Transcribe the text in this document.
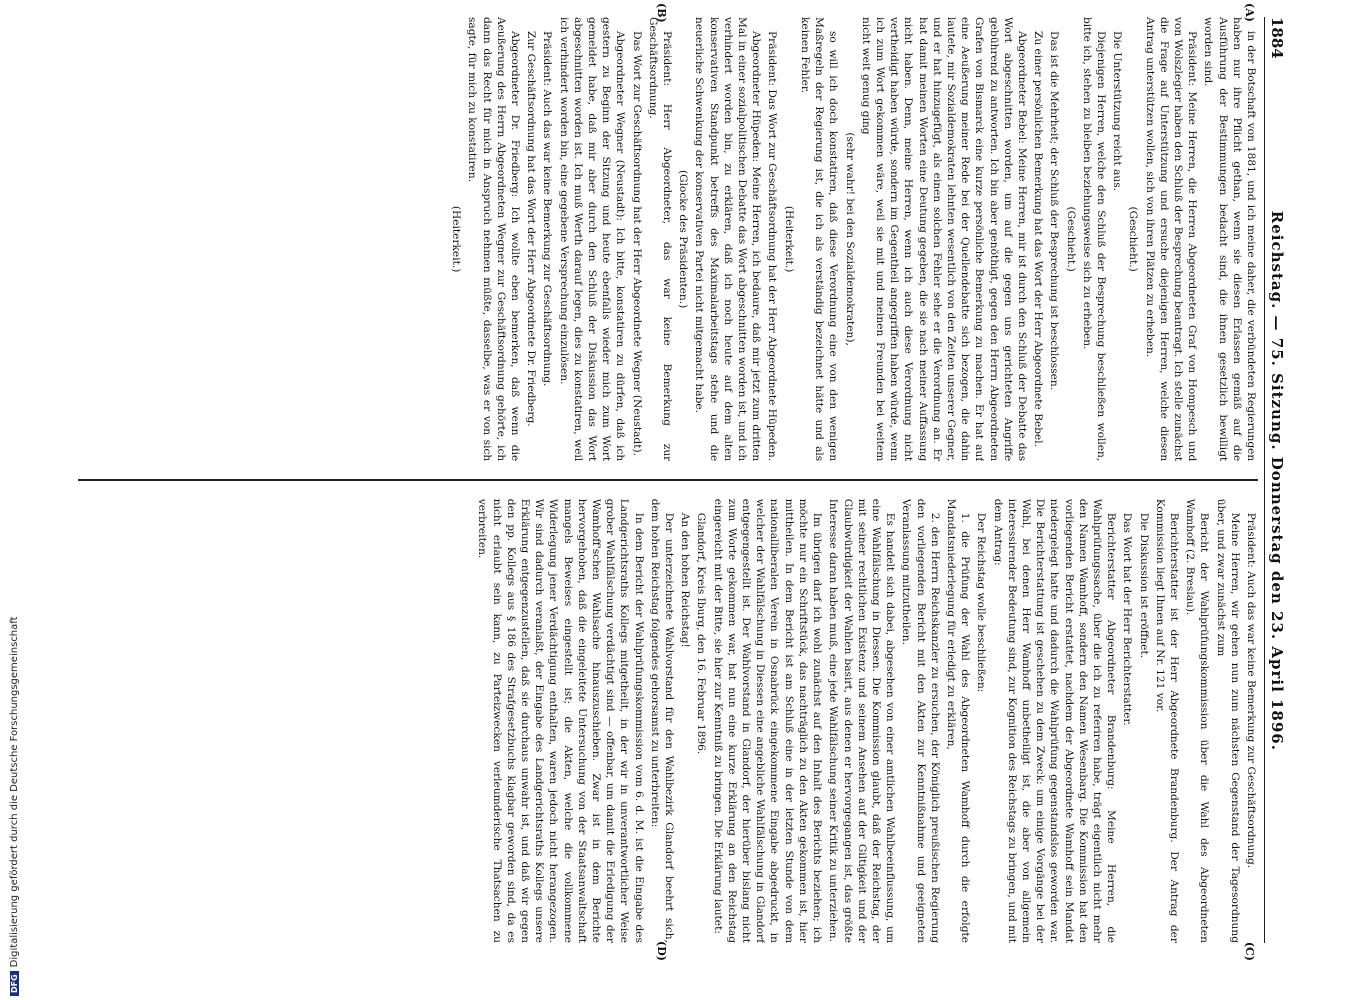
DFGDigitalisierung gefördert durch die Deutsche Forschungsgemeinschaft
1884
Reichstag. — 75. Sitzung. Donnerstag den 23. April 1896.
(A)
(B)
(C)
(D)

in der Botschaft von 1881, und ich meine daher, die verbündeten Regierungen haben nur ihre Pflicht gethan, wenn sie diesen Erlassen gemäß auf die Ausführung der Bestimmungen bedacht sind, die ihnen gesetzlich bewilligt worden sind.

Präsident: Meine Herren, die Herren Abgeordneten Graf von Hompesch und von Wolszlegier haben den Schluß der Besprechung beantragt. Ich stelle zunächst die Frage auf Unterstützung und ersuche diejenigen Herren, welche diesen Antrag unterstützen wollen, sich von ihren Plätzen zu erheben.

(Geschieht.)

Die Unterstützung reicht aus.

Diejenigen Herren, welche den Schluß der Besprechung beschließen wollen, bitte ich, stehen zu bleiben beziehungsweise sich zu erheben.

(Geschieht.)

Das ist die Mehrheit; der Schluß der Besprechung ist beschlossen.

Zu einer persönlichen Bemerkung hat das Wort der Herr Abgeordnete Bebel.

Abgeordneter Bebel: Meine Herren, mir ist durch den Schluß der Debatte das Wort abgeschnitten worden, um auf die gegen uns gerichteten Angriffe gebührend zu antworten. Ich bin aber genöthigt, gegen den Herrn Abgeordneten Grafen von Bismarck eine kurze persönliche Bemerkung zu machen. Er hat auf eine Aeußerung meiner Rede bei der Quellendebatte sich bezogen, die dahin lautete, mir Sozialdemokraten lehnten wesentlich von den Zeiten unserer Gegner, und er hat hinzugefügt, als einen solchen Fehler sehe er die Verordnung an. Er hat damit meinen Worten eine Deutung gegeben, die sie nach meiner Auffassung nicht haben. Denn, meine Herren, wenn ich auch diese Verordnung nicht vertheidigt haben würde, sondern im Gegentheil angegriffen haben würde, wenn ich zum Wort gekommen wäre, weil sie mit und meinen Freunden bei weitem nicht weit genug ging

(sehr wahr! bei den Sozialdemokraten),

so will ich doch konstatiren, daß diese Verordnung eine von den wenigen Maßregeln der Regierung ist, die ich als verständig bezeichnet hätte und als keinen Fehler.

(Heiterkeit.)

Präsident: Das Wort zur Geschäftsordnung hat der Herr Abgeordnete Hüpeden.

Abgeordneter Hüpeden: Meine Herren, ich bedaure, daß mir jetzt zum dritten Mal in einer sozialpolitischen Debatte das Wort abgeschnitten worden ist, und ich verhindert worden bin, zu erklären, daß ich noch heute auf dem alten konservativen Standpunkt betreffs des Maximalarbeitstags stehe und die neuerliche Schwenkung der konservativen Partei nicht mitgemacht habe.

(Glocke des Präsidenten.)

Präsident: Herr Abgeordneter, das war keine Bemerkung zur Geschäftsordnung.

Das Wort zur Geschäftsordnung hat der Herr Abgeordnete Wegner (Neustadt).

Abgeordneter Wegner (Neustadt): Ich bitte, konstatiren zu dürfen, daß ich gestern zu Beginn der Sitzung und heute ebenfalls wieder mich zum Wort gemeldet habe, daß mir aber durch den Schluß der Diskussion das Wort abgeschnitten worden ist. Ich muß Werth darauf legen, dies zu konstatiren, weil ich verhindert worden bin, eine gegebene Versprechung einzulösen.

Präsident: Auch das war keine Bemerkung zur Geschäftsordnung.

Zur Geschäftsordnung hat das Wort der Herr Abgeordnete Dr. Friedberg.

Abgeordneter Dr. Friedberg: Ich wollte eben bemerken, daß wenn die Aeußerung des Herrn Abgeordneten Wegner zur Geschäftsordnung gehörte, ich dann das Recht für mich in Anspruch nehmen müßte, dasselbe, was er von sich sagte, für mich zu konstatiren.

(Heiterkeit.)

Präsident: Auch das war keine Bemerkung zur Geschäftsordnung.

Meine Herren, wir gehen nun zum nächsten Gegenstand der Tagesordnung über, und zwar zunächst zum

Bericht der Wahlprüfungskommission über die Wahl des Abgeordneten Wamhoff (2. Breslau).

Berichterstatter ist der Herr Abgeordnete Brandenburg. Der Antrag der Kommission liegt Ihnen auf Nr. 121 vor.

Die Diskussion ist eröffnet.

Das Wort hat der Herr Berichterstatter.

Berichterstatter Abgeordneter Brandenburg: Meine Herren, die Wahlprüfungssache, über die ich zu referiren habe, trägt eigentlich nicht mehr den Namen Wamhoff, sondern den Namen Wesenbarg. Die Kommission hat den vorliegenden Bericht erstattet, nachdem der Abgeordnete Wamhoff sein Mandat niedergelegt hatte und dadurch die Wahlprüfung gegenstandslos geworden war. Die Berichterstattung ist geschehen zu dem Zweck: um einige Vorgänge bei der Wahl, bei denen Herr Wamhoff unbetheiligt ist, die aber von allgemein interessirender Bedeutung sind, zur Kognition des Reichstags zu bringen, und mit dem Antrag:

Der Reichstag wolle beschließen:

1. die Prüfung der Wahl des Abgeordneten Wamhoff durch die erfolgte Mandatsniederlegung für erledigt zu erklären,

2. den Herrn Reichskanzler zu ersuchen, der Königlich preußischen Regierung den vorliegenden Bericht mit den Akten zur Kenntnißnahme und geeigneten Veranlassung mitzutheilen.

Es handelt sich dabei, abgesehen von einer amtlichen Wahlbeeinflussung, um eine Wahlfälschung in Diessen. Die Kommission glaubt, daß der Reichstag, der mit seiner rechtlichen Existenz und seinem Ansehen auf der Giltigkeit und der Glaubwürdigkeit der Wahlen basirt, aus denen er hervorgegangen ist, das größte Interesse daran haben muß, eine jede Wahlfälschung seiner Kritik zu unterziehen.

Im übrigen darf ich wohl zunächst auf den Inhalt des Berichts beziehen; ich möchte nur ein Schriftstück, das nachträglich zu den Akten gekommen ist, hier mittheilen. In dem Bericht ist am Schluß eine in der letzten Stunde von dem nationalliberalen Verein in Osnabrück eingekommene Eingabe abgedruckt, in welcher der Wahlfälschung in Diessen eine angebliche Wahlfälschung in Glandorf entgegengestellt ist. Der Wahlvorstand in Glandorf, der hierüber bislang nicht zum Worte gekommen war, hat nun eine kurze Erklärung an den Reichstag eingereicht mit der Bitte, sie hier zur Kenntniß zu bringen. Die Erklärung lautet:

Glandorf, Kreis Iburg, den 16. Februar 1896.

An den hohen Reichstag!

Der unterzeichnete Wahlvorstand für den Wahlbezirk Glandorf beehrt sich, dem hohen Reichstag folgendes gehorsamst zu unterbreiten:

In dem Bericht der Wahlprüfungskommission vom 6. d. M. ist die Eingabe des Landgerichtsraths Kollegs mitgetheilt, in der wir in unverantwortlicher Weise grober Wahlfälschung verdächtigt sind — offenbar, um damit die Erledigung der Wamhoff'schen Wahlsache hinauszuschieben. Zwar ist in dem Berichte hervorgehoben, daß die eingeleitete Untersuchung von der Staatsanwaltschaft mangels Beweises eingestellt ist; die Akten, welche die vollkommene Widerlegung jener Verdächtigung enthalten, waren jedoch nicht herangezogen. Wir sind dadurch veranlaßt, der Eingabe des Landgerichtsraths Kollegs unsere Erklärung entgegenzustellen, daß sie durchaus unwahr ist, und daß wir gegen den pp. Kollegs aus § 186 des Strafgesetzbuchs klagbar geworden sind, da es nicht erlaubt sein kann, zu Parteizwecken verleumderische Thatsachen zu verbreiten.
